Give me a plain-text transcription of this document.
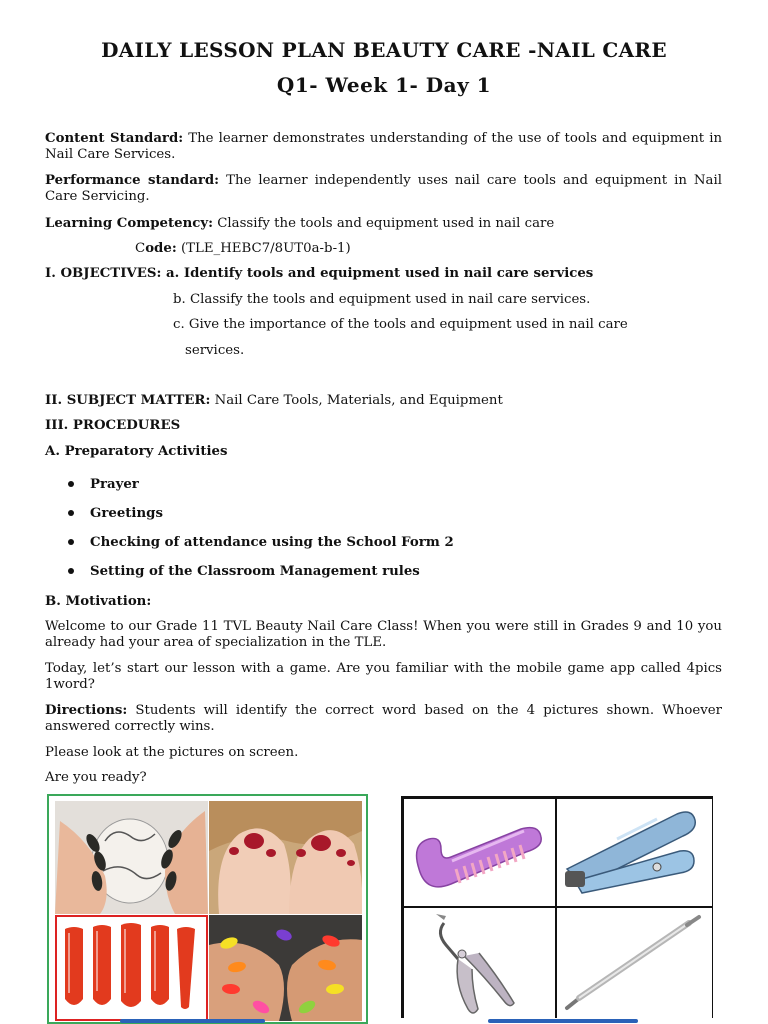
DAILY LESSON PLAN BEAUTY CARE -NAIL CARE
Q1- Week 1- Day 1
Content Standard: The learner demonstrates understanding of the use of tools and equipment in Nail Care Services.
Performance standard: The learner independently uses nail care tools and equipment in Nail Care Servicing.
Learning Competency: Classify the tools and equipment used in nail care
Code: (TLE_HEBC7/8UT0a-b-1)
I. OBJECTIVES: a. Identify tools and equipment used in nail care services
b. Classify the tools and equipment used in nail care services.
c. Give the importance of the tools and equipment used in nail care
services.
II. SUBJECT MATTER: Nail Care Tools, Materials, and Equipment
III. PROCEDURES
A. Preparatory Activities
Prayer
Greetings
Checking of attendance using the School Form 2
Setting of the Classroom Management rules
B. Motivation:
Welcome to our Grade 11 TVL Beauty Nail Care Class! When you were still in Grades 9 and 10 you already had your area of specialization in the TLE.
Today, let’s start our lesson with a game. Are you familiar with the mobile game app called 4pics 1word?
Directions: Students will identify the correct word based on the 4 pictures shown. Whoever answered correctly wins.
Please look at the pictures on screen.
Are you ready?
